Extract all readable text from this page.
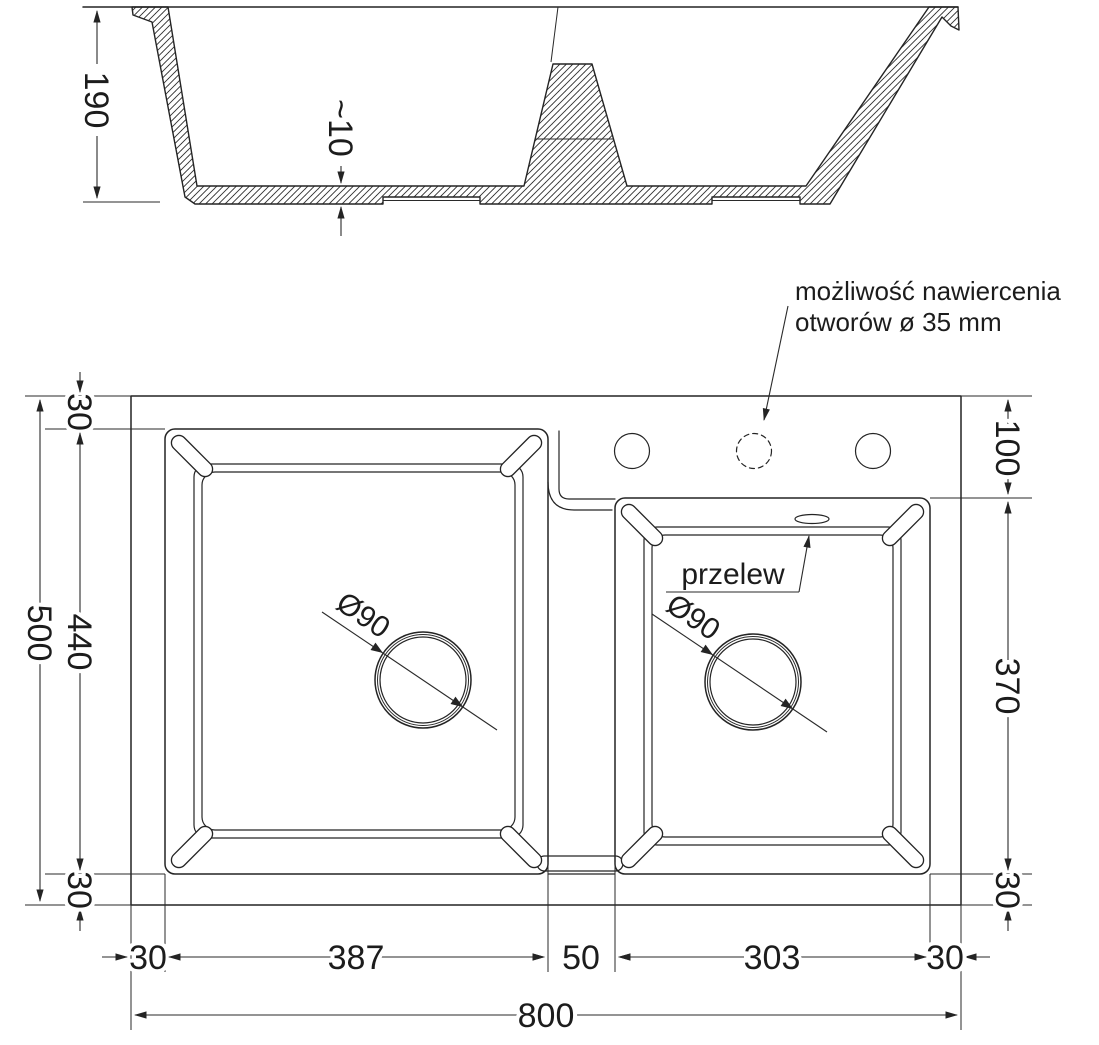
190	~10
Ø90	Ø90
przelew
możliwość nawiercenia
otworów ø 35 mm
500
30
440
30
100
370
30
30	387	50	303	30
800
